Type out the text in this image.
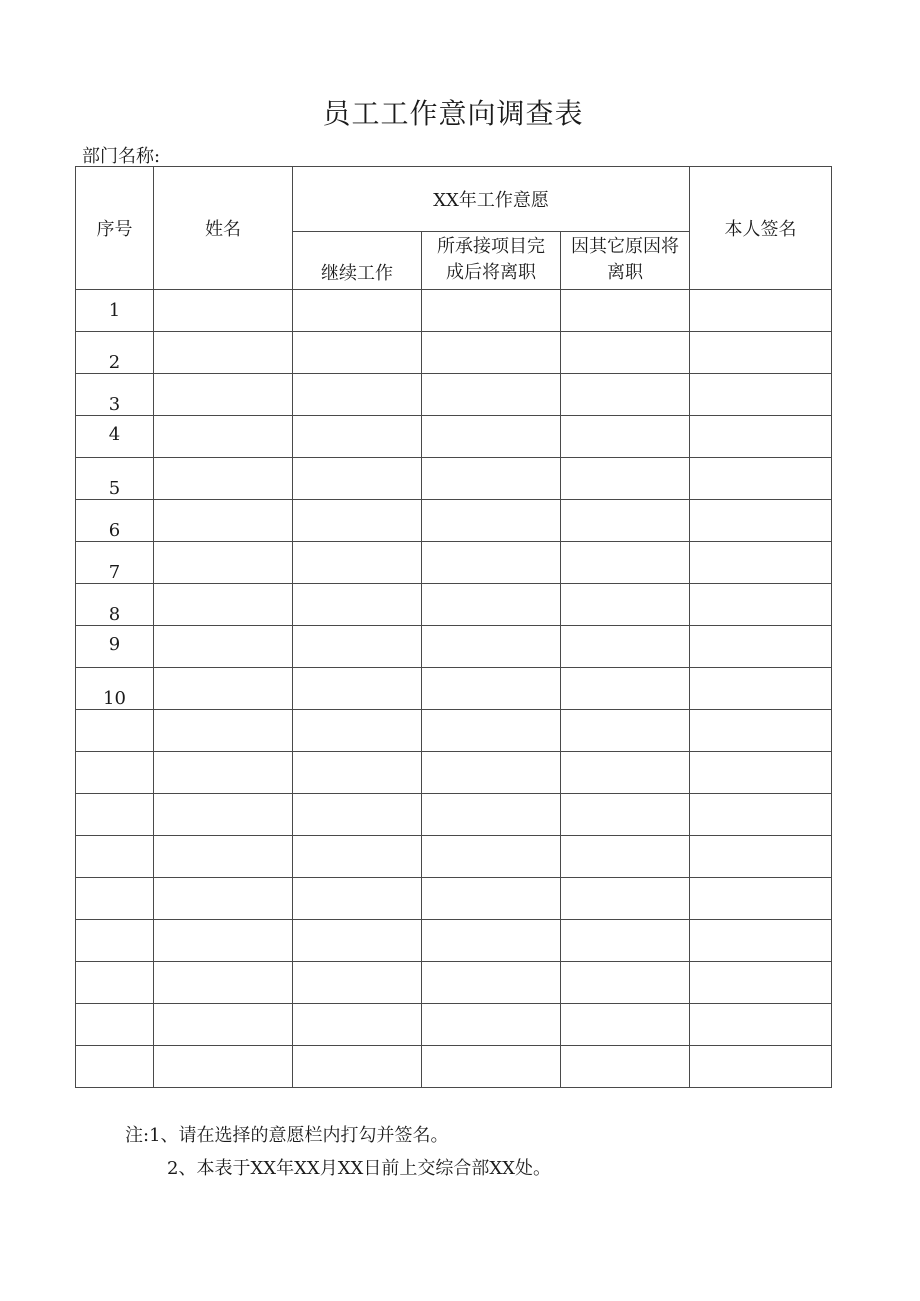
员工工作意向调查表
部门名称:
序号	姓名	XX年工作意愿			本人签名
		继续工作	所承接项目完成后将离职	因其它原因将离职	

1					
2					
3					
4					
5					
6					
7					
8					
9					
10					

注:1、请在选择的意愿栏内打勾并签名。
2、本表于XX年XX月XX日前上交综合部XX处。
